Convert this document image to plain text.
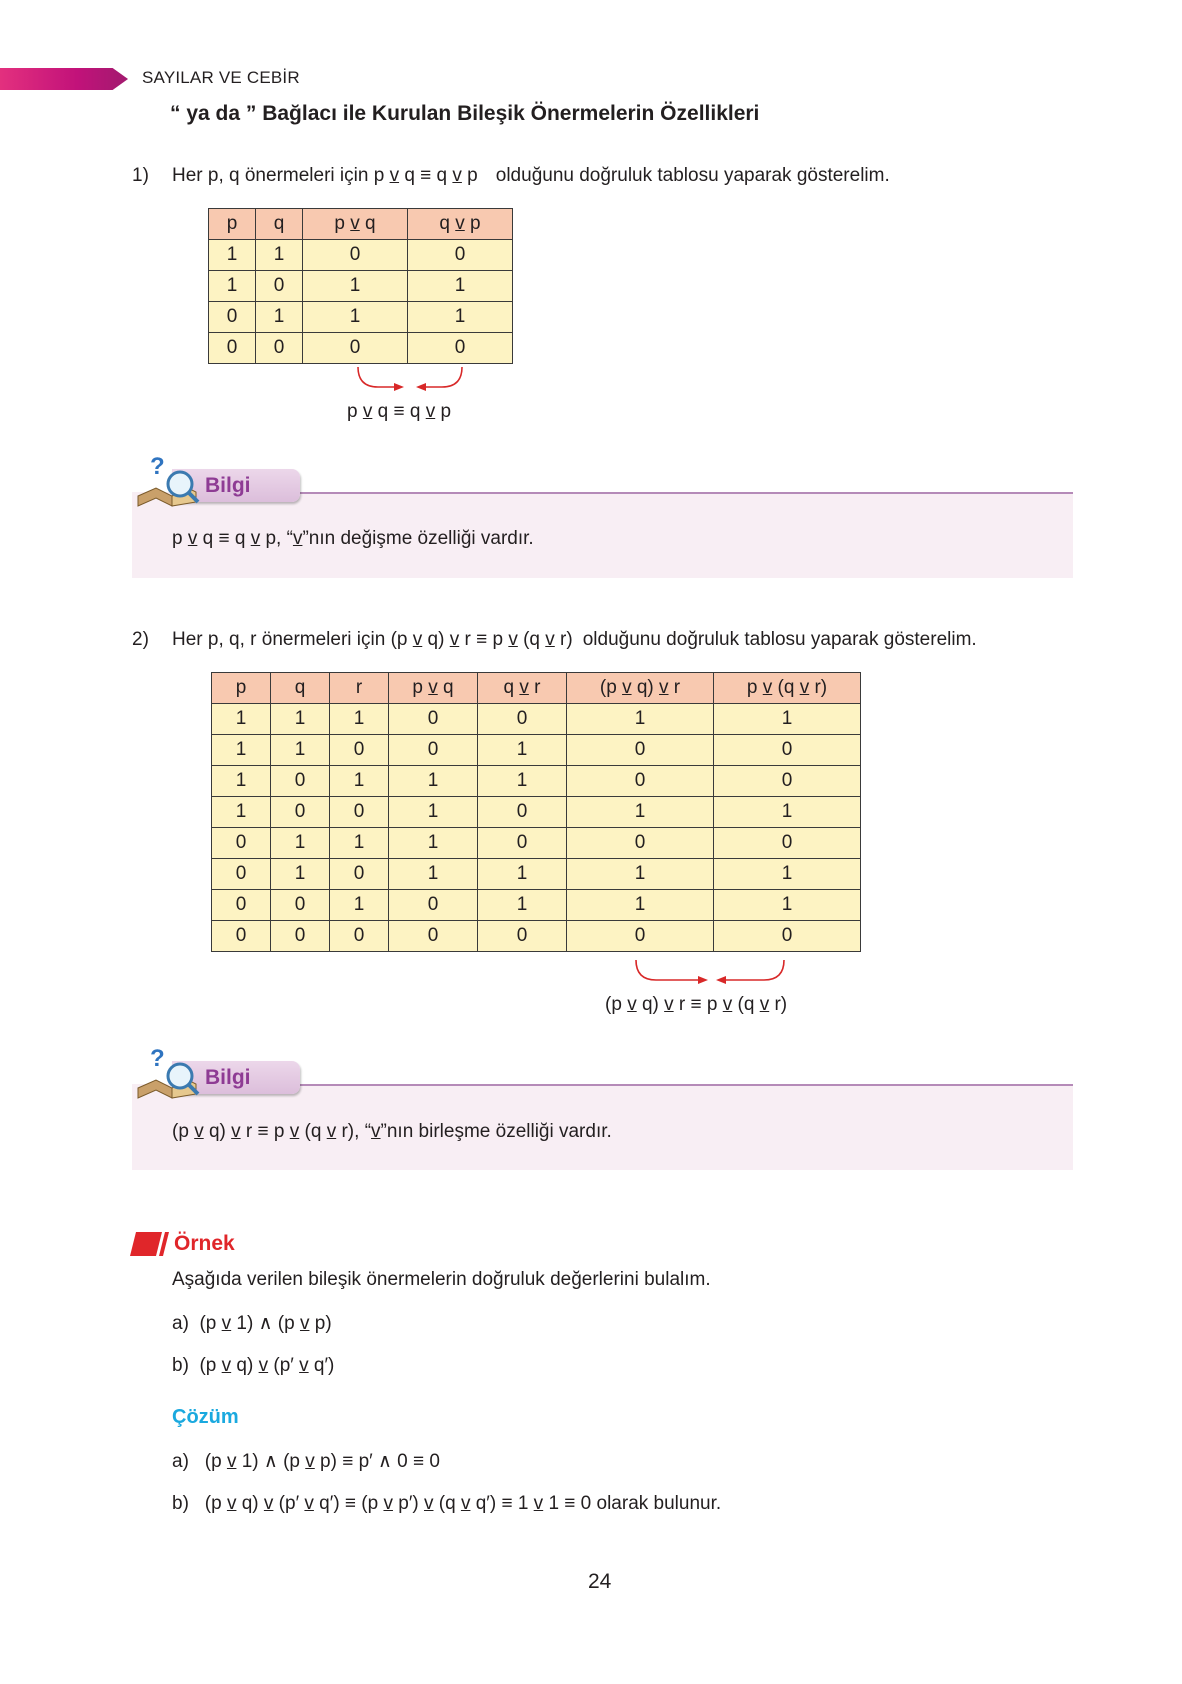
SAYILAR VE CEBİR
“ ya da ” Bağlacı ile Kurulan Bileşik Önermelerin Özellikleri
1) Her p, q önermeleri için p v q ≡ q v p olduğunu doğruluk tablosu yaparak gösterelim.
p	q	p v q	q v p
1	1	0	0
1	0	1	1
0	1	1	1
0	0	0	0
p v q ≡ q v p
?
Bilgi
p v q ≡ q v p, “v”nın değişme özelliği vardır.
2) Her p, q, r önermeleri için (p v q) v r ≡ p v (q v r) olduğunu doğruluk tablosu yaparak gösterelim.
p	q	r	p v q	q v r	(p v q) v r	p v (q v r)
1	1	1	0	0	1	1
1	1	0	0	1	0	0
1	0	1	1	1	0	0
1	0	0	1	0	1	1
0	1	1	1	0	0	0
0	1	0	1	1	1	1
0	0	1	0	1	1	1
0	0	0	0	0	0	0
(p v q) v r ≡ p v (q v r)
?
Bilgi
(p v q) v r ≡ p v (q v r), “v”nın birleşme özelliği vardır.
Örnek
Aşağıda verilen bileşik önermelerin doğruluk değerlerini bulalım.
a) (p v 1) ∧ (p v p)
b) (p v q) v (p′ v q′)
Çözüm
a) (p v 1) ∧ (p v p) ≡ p′ ∧ 0 ≡ 0
b) (p v q) v (p′ v q′) ≡ (p v p′) v (q v q′) ≡ 1 v 1 ≡ 0 olarak bulunur.
24
